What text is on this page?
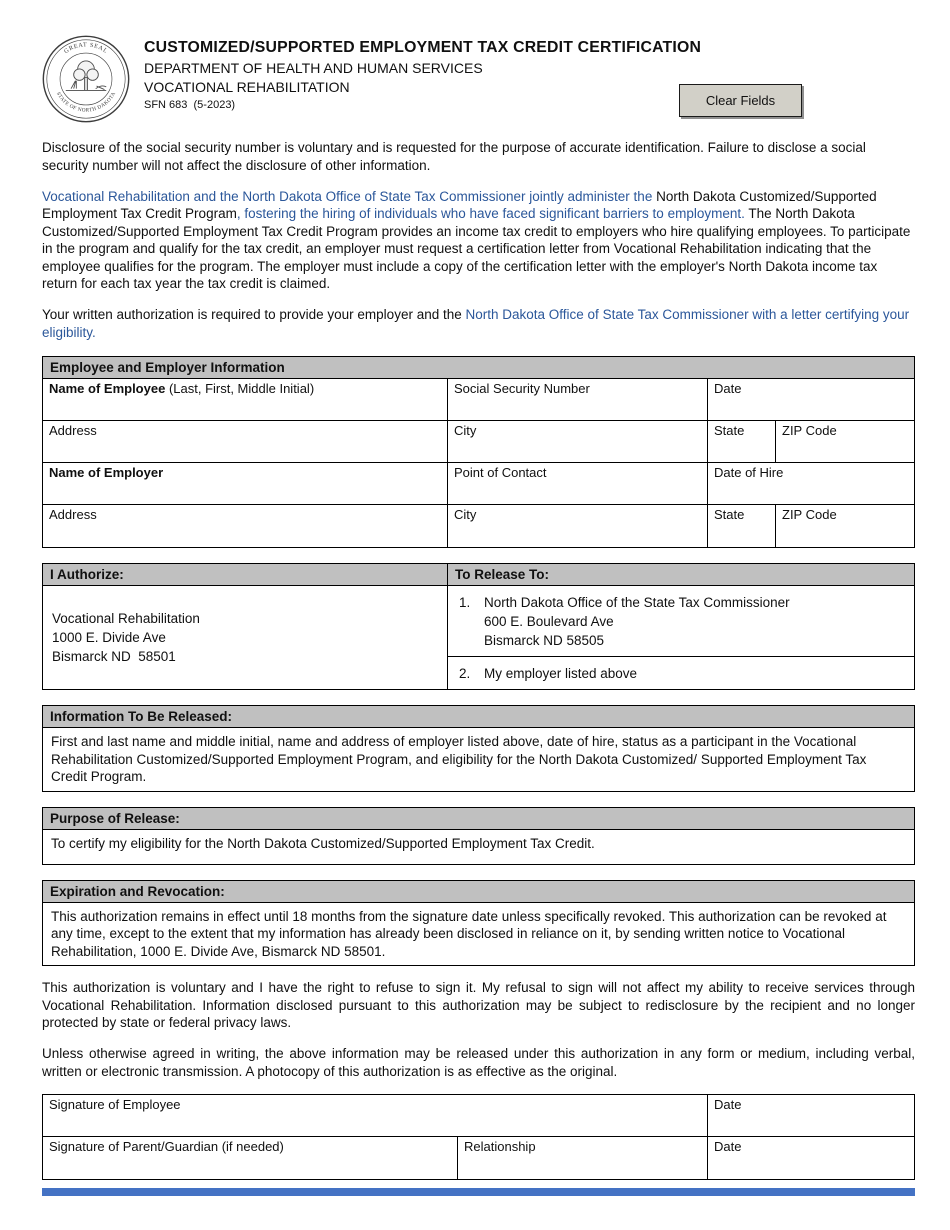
GREAT SEAL
STATE OF NORTH DAKOTA
CUSTOMIZED/SUPPORTED EMPLOYMENT TAX CREDIT CERTIFICATION
DEPARTMENT OF HEALTH AND HUMAN SERVICES
VOCATIONAL REHABILITATION
SFN 683  (5-2023)	Clear Fields

Disclosure of the social security number is voluntary and is requested for the purpose of accurate identification. Failure to disclose a social security number will not affect the disclosure of other information.

Vocational Rehabilitation and the North Dakota Office of State Tax Commissioner jointly administer the North Dakota Customized/Supported Employment Tax Credit Program, fostering the hiring of individuals who have faced significant barriers to employment. The North Dakota Customized/Supported Employment Tax Credit Program provides an income tax credit to employers who hire qualifying employees. To participate in the program and qualify for the tax credit, an employer must request a certification letter from Vocational Rehabilitation indicating that the employee qualifies for the program. The employer must include a copy of the certification letter with the employer's North Dakota income tax return for each tax year the tax credit is claimed.

Your written authorization is required to provide your employer and the North Dakota Office of State Tax Commissioner with a letter certifying your eligibility.

Employee and Employer Information
Name of Employee (Last, First, Middle Initial)	Social Security Number	Date
Address	City	State	ZIP Code
Name of Employer	Point of Contact	Date of Hire
Address	City	State	ZIP Code
I Authorize:	To Release To:
Vocational Rehabilitation
1000 E. Divide Ave
Bismarck ND  58501
1.	North Dakota Office of the State Tax Commissioner
600 E. Boulevard Ave
Bismarck ND 58505
2.	My employer listed above
Information To Be Released:
First and last name and middle initial, name and address of employer listed above, date of hire, status as a participant in the Vocational Rehabilitation Customized/Supported Employment Program, and eligibility for the North Dakota Customized/ Supported Employment Tax Credit Program.
Purpose of Release:
To certify my eligibility for the North Dakota Customized/Supported Employment Tax Credit.
Expiration and Revocation:
This authorization remains in effect until 18 months from the signature date unless specifically revoked. This authorization can be revoked at any time, except to the extent that my information has already been disclosed in reliance on it, by sending written notice to Vocational Rehabilitation, 1000 E. Divide Ave, Bismarck ND 58501.

This authorization is voluntary and I have the right to refuse to sign it. My refusal to sign will not affect my ability to receive services through Vocational Rehabilitation. Information disclosed pursuant to this authorization may be subject to redisclosure by the recipient and no longer protected by state or federal privacy laws.

Unless otherwise agreed in writing, the above information may be released under this authorization in any form or medium, including verbal, written or electronic transmission. A photocopy of this authorization is as effective as the original.

Signature of Employee	Date
Signature of Parent/Guardian (if needed)	Relationship	Date
